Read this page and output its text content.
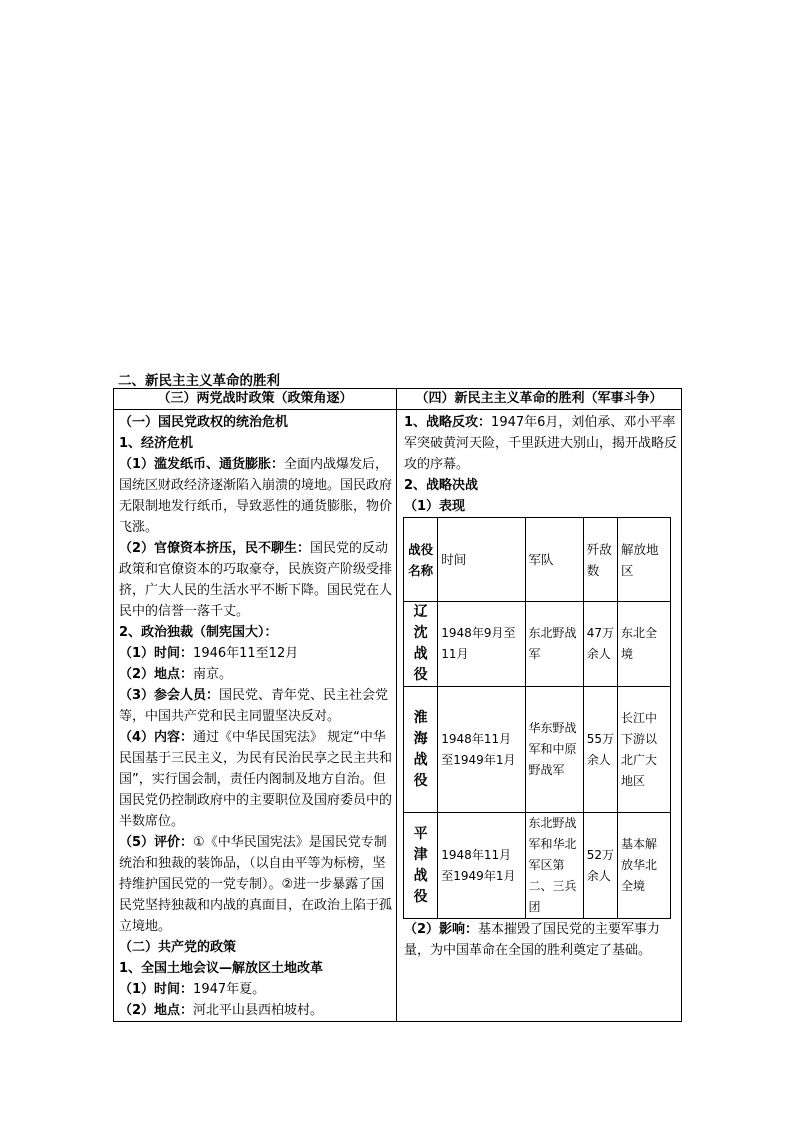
二、新民主主义革命的胜利
（三）两党战时政策（政策角逐）	（四）新民主主义革命的胜利（军事斗争）

（一）国民党政权的统治危机

1、经济危机

（1）滥发纸币、通货膨胀：全面内战爆发后，国统区财政经济逐渐陷入崩溃的境地。国民政府无限制地发行纸币，导致恶性的通货膨胀，物价飞涨。

（2）官僚资本挤压，民不聊生：国民党的反动政策和官僚资本的巧取豪夺，民族资产阶级受排挤，广大人民的生活水平不断下降。国民党在人民中的信誉一落千丈。

2、政治独裁（制宪国大）：

（1）时间：1946年11至12月

（2）地点：南京。

（3）参会人员：国民党、青年党、民主社会党等，中国共产党和民主同盟坚决反对。

（4）内容：通过《中华民国宪法》 规定“中华民国基于三民主义，为民有民治民享之民主共和国”，实行国会制，责任内阁制及地方自治。但国民党仍控制政府中的主要职位及国府委员中的半数席位。

（5）评价：①《中华民国宪法》是国民党专制统治和独裁的装饰品，（以自由平等为标榜，坚持维护国民党的一党专制）。②进一步暴露了国民党坚持独裁和内战的真面目，在政治上陷于孤立境地。

（二）共产党的政策

1、全国土地会议—解放区土地改革

（1）时间：1947年夏。

（2）地点：河北平山县西柏坡村。

1、战略反攻：1947年6月，刘伯承、邓小平率军突破黄河天险，千里跃进大别山，揭开战略反攻的序幕。

2、战略决战

（1）表现

战役名称	时间	军队	歼敌数	解放地区
辽沈战役	1948年9月至11月	东北野战军	47万余人	东北全境
淮海战役	1948年11月至1949年1月	华东野战军和中原野战军	55万余人	长江中下游以北广大地区
平津战役	1948年11月至1949年1月	东北野战军和华北军区第二、三兵团	52万余人	基本解放华北全境

（2）影响：基本摧毁了国民党的主要军事力量，为中国革命在全国的胜利奠定了基础。
